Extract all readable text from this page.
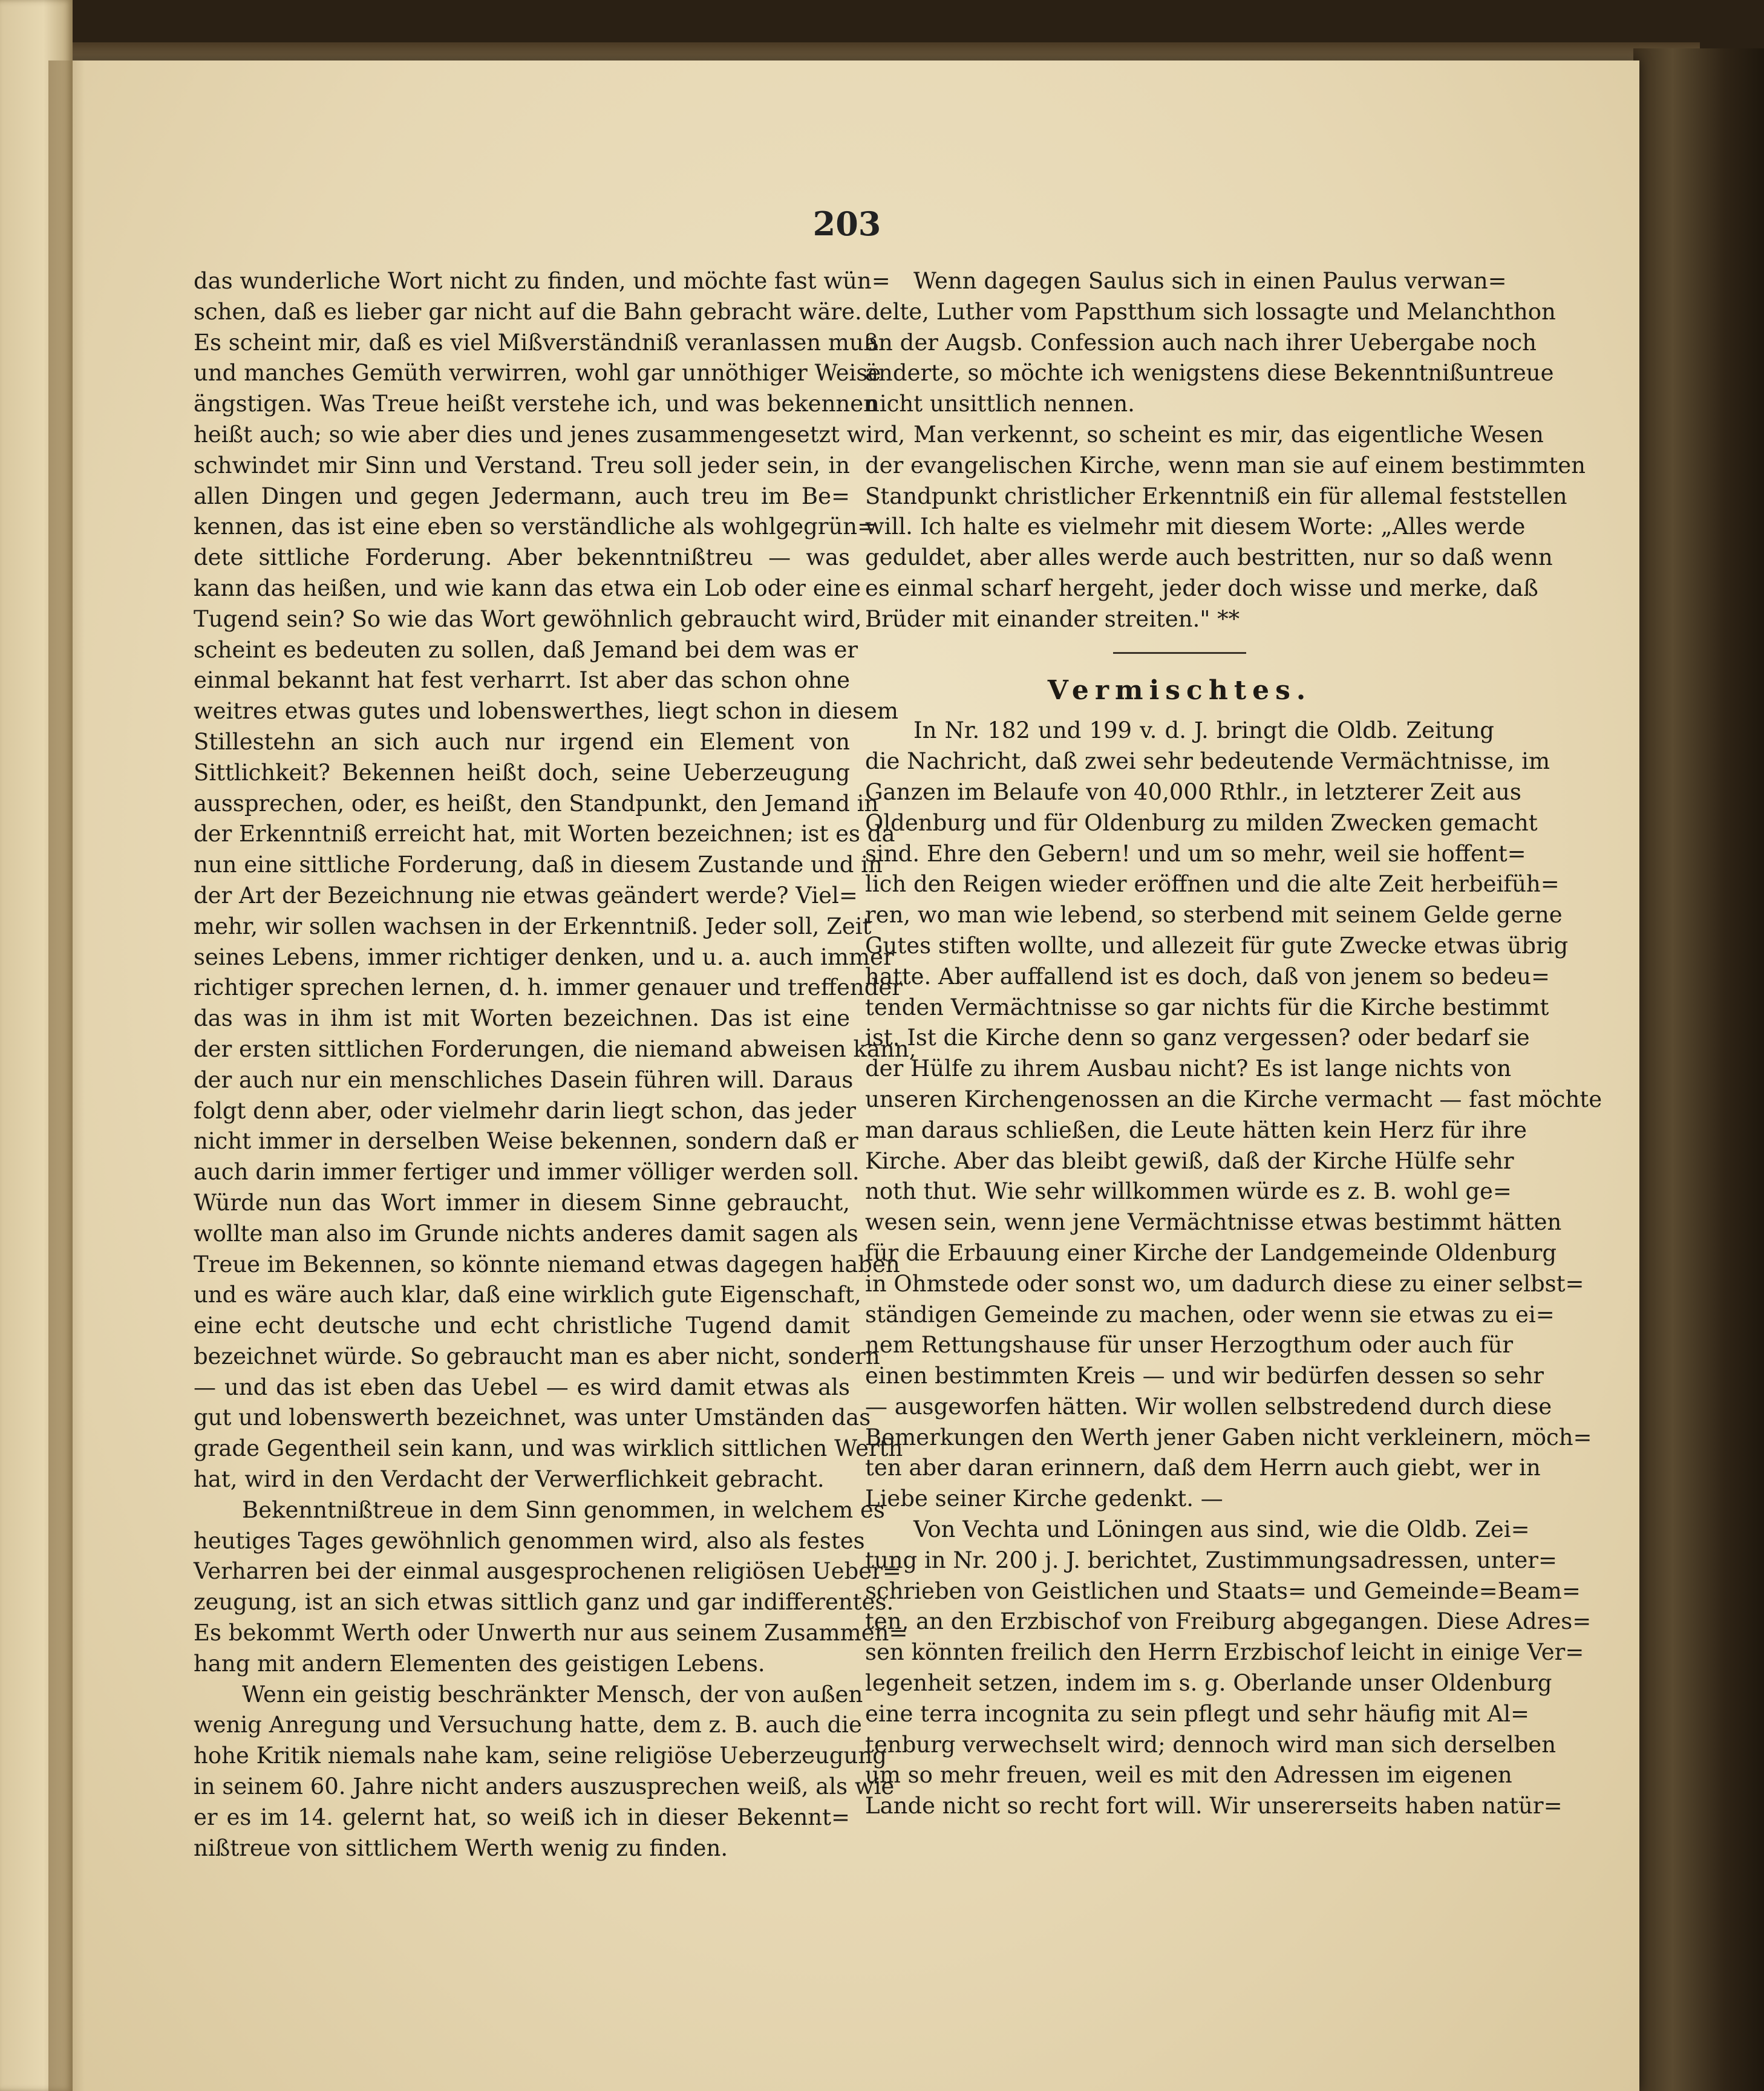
203
das wunderliche Wort nicht zu finden, und möchte fast wün=
schen, daß es lieber gar nicht auf die Bahn gebracht wäre.
Es scheint mir, daß es viel Mißverständniß veranlassen muß
und manches Gemüth verwirren, wohl gar unnöthiger Weise
ängstigen. Was Treue heißt verstehe ich, und was bekennen
heißt auch; so wie aber dies und jenes zusammengesetzt wird,
schwindet mir Sinn und Verstand. Treu soll jeder sein, in
allen Dingen und gegen Jedermann, auch treu im Be=
kennen, das ist eine eben so verständliche als wohlgegrün=
dete sittliche Forderung. Aber bekenntnißtreu — was
kann das heißen, und wie kann das etwa ein Lob oder eine
Tugend sein? So wie das Wort gewöhnlich gebraucht wird,
scheint es bedeuten zu sollen, daß Jemand bei dem was er
einmal bekannt hat fest verharrt. Ist aber das schon ohne
weitres etwas gutes und lobenswerthes, liegt schon in diesem
Stillestehn an sich auch nur irgend ein Element von
Sittlichkeit? Bekennen heißt doch, seine Ueberzeugung
aussprechen, oder, es heißt, den Standpunkt, den Jemand in
der Erkenntniß erreicht hat, mit Worten bezeichnen; ist es da
nun eine sittliche Forderung, daß in diesem Zustande und in
der Art der Bezeichnung nie etwas geändert werde? Viel=
mehr, wir sollen wachsen in der Erkenntniß. Jeder soll, Zeit
seines Lebens, immer richtiger denken, und u. a. auch immer
richtiger sprechen lernen, d. h. immer genauer und treffender
das was in ihm ist mit Worten bezeichnen. Das ist eine
der ersten sittlichen Forderungen, die niemand abweisen kann,
der auch nur ein menschliches Dasein führen will. Daraus
folgt denn aber, oder vielmehr darin liegt schon, das jeder
nicht immer in derselben Weise bekennen, sondern daß er
auch darin immer fertiger und immer völliger werden soll.
Würde nun das Wort immer in diesem Sinne gebraucht,
wollte man also im Grunde nichts anderes damit sagen als
Treue im Bekennen, so könnte niemand etwas dagegen haben
und es wäre auch klar, daß eine wirklich gute Eigenschaft,
eine echt deutsche und echt christliche Tugend damit
bezeichnet würde. So gebraucht man es aber nicht, sondern
— und das ist eben das Uebel — es wird damit etwas als
gut und lobenswerth bezeichnet, was unter Umständen das
grade Gegentheil sein kann, und was wirklich sittlichen Werth
hat, wird in den Verdacht der Verwerflichkeit gebracht.
Bekenntnißtreue in dem Sinn genommen, in welchem es
heutiges Tages gewöhnlich genommen wird, also als festes
Verharren bei der einmal ausgesprochenen religiösen Ueber=
zeugung, ist an sich etwas sittlich ganz und gar indifferentes.
Es bekommt Werth oder Unwerth nur aus seinem Zusammen=
hang mit andern Elementen des geistigen Lebens.
Wenn ein geistig beschränkter Mensch, der von außen
wenig Anregung und Versuchung hatte, dem z. B. auch die
hohe Kritik niemals nahe kam, seine religiöse Ueberzeugung
in seinem 60. Jahre nicht anders auszusprechen weiß, als wie
er es im 14. gelernt hat, so weiß ich in dieser Bekennt=
nißtreue von sittlichem Werth wenig zu finden.
Wenn dagegen Saulus sich in einen Paulus verwan=
delte, Luther vom Papstthum sich lossagte und Melanchthon
an der Augsb. Confession auch nach ihrer Uebergabe noch
änderte, so möchte ich wenigstens diese Bekenntnißuntreue
nicht unsittlich nennen.
Man verkennt, so scheint es mir, das eigentliche Wesen
der evangelischen Kirche, wenn man sie auf einem bestimmten
Standpunkt christlicher Erkenntniß ein für allemal feststellen
will. Ich halte es vielmehr mit diesem Worte: „Alles werde
geduldet, aber alles werde auch bestritten, nur so daß wenn
es einmal scharf hergeht, jeder doch wisse und merke, daß
Brüder mit einander streiten." **
Vermischtes.
In Nr. 182 und 199 v. d. J. bringt die Oldb. Zeitung
die Nachricht, daß zwei sehr bedeutende Vermächtnisse, im
Ganzen im Belaufe von 40,000 Rthlr., in letzterer Zeit aus
Oldenburg und für Oldenburg zu milden Zwecken gemacht
sind. Ehre den Gebern! und um so mehr, weil sie hoffent=
lich den Reigen wieder eröffnen und die alte Zeit herbeifüh=
ren, wo man wie lebend, so sterbend mit seinem Gelde gerne
Gutes stiften wollte, und allezeit für gute Zwecke etwas übrig
hatte. Aber auffallend ist es doch, daß von jenem so bedeu=
tenden Vermächtnisse so gar nichts für die Kirche bestimmt
ist. Ist die Kirche denn so ganz vergessen? oder bedarf sie
der Hülfe zu ihrem Ausbau nicht? Es ist lange nichts von
unseren Kirchengenossen an die Kirche vermacht — fast möchte
man daraus schließen, die Leute hätten kein Herz für ihre
Kirche. Aber das bleibt gewiß, daß der Kirche Hülfe sehr
noth thut. Wie sehr willkommen würde es z. B. wohl ge=
wesen sein, wenn jene Vermächtnisse etwas bestimmt hätten
für die Erbauung einer Kirche der Landgemeinde Oldenburg
in Ohmstede oder sonst wo, um dadurch diese zu einer selbst=
ständigen Gemeinde zu machen, oder wenn sie etwas zu ei=
nem Rettungshause für unser Herzogthum oder auch für
einen bestimmten Kreis — und wir bedürfen dessen so sehr
— ausgeworfen hätten. Wir wollen selbstredend durch diese
Bemerkungen den Werth jener Gaben nicht verkleinern, möch=
ten aber daran erinnern, daß dem Herrn auch giebt, wer in
Liebe seiner Kirche gedenkt. —
Von Vechta und Löningen aus sind, wie die Oldb. Zei=
tung in Nr. 200 j. J. berichtet, Zustimmungsadressen, unter=
schrieben von Geistlichen und Staats= und Gemeinde=Beam=
ten, an den Erzbischof von Freiburg abgegangen. Diese Adres=
sen könnten freilich den Herrn Erzbischof leicht in einige Ver=
legenheit setzen, indem im s. g. Oberlande unser Oldenburg
eine terra incognita zu sein pflegt und sehr häufig mit Al=
tenburg verwechselt wird; dennoch wird man sich derselben
um so mehr freuen, weil es mit den Adressen im eigenen
Lande nicht so recht fort will. Wir unsererseits haben natür=
